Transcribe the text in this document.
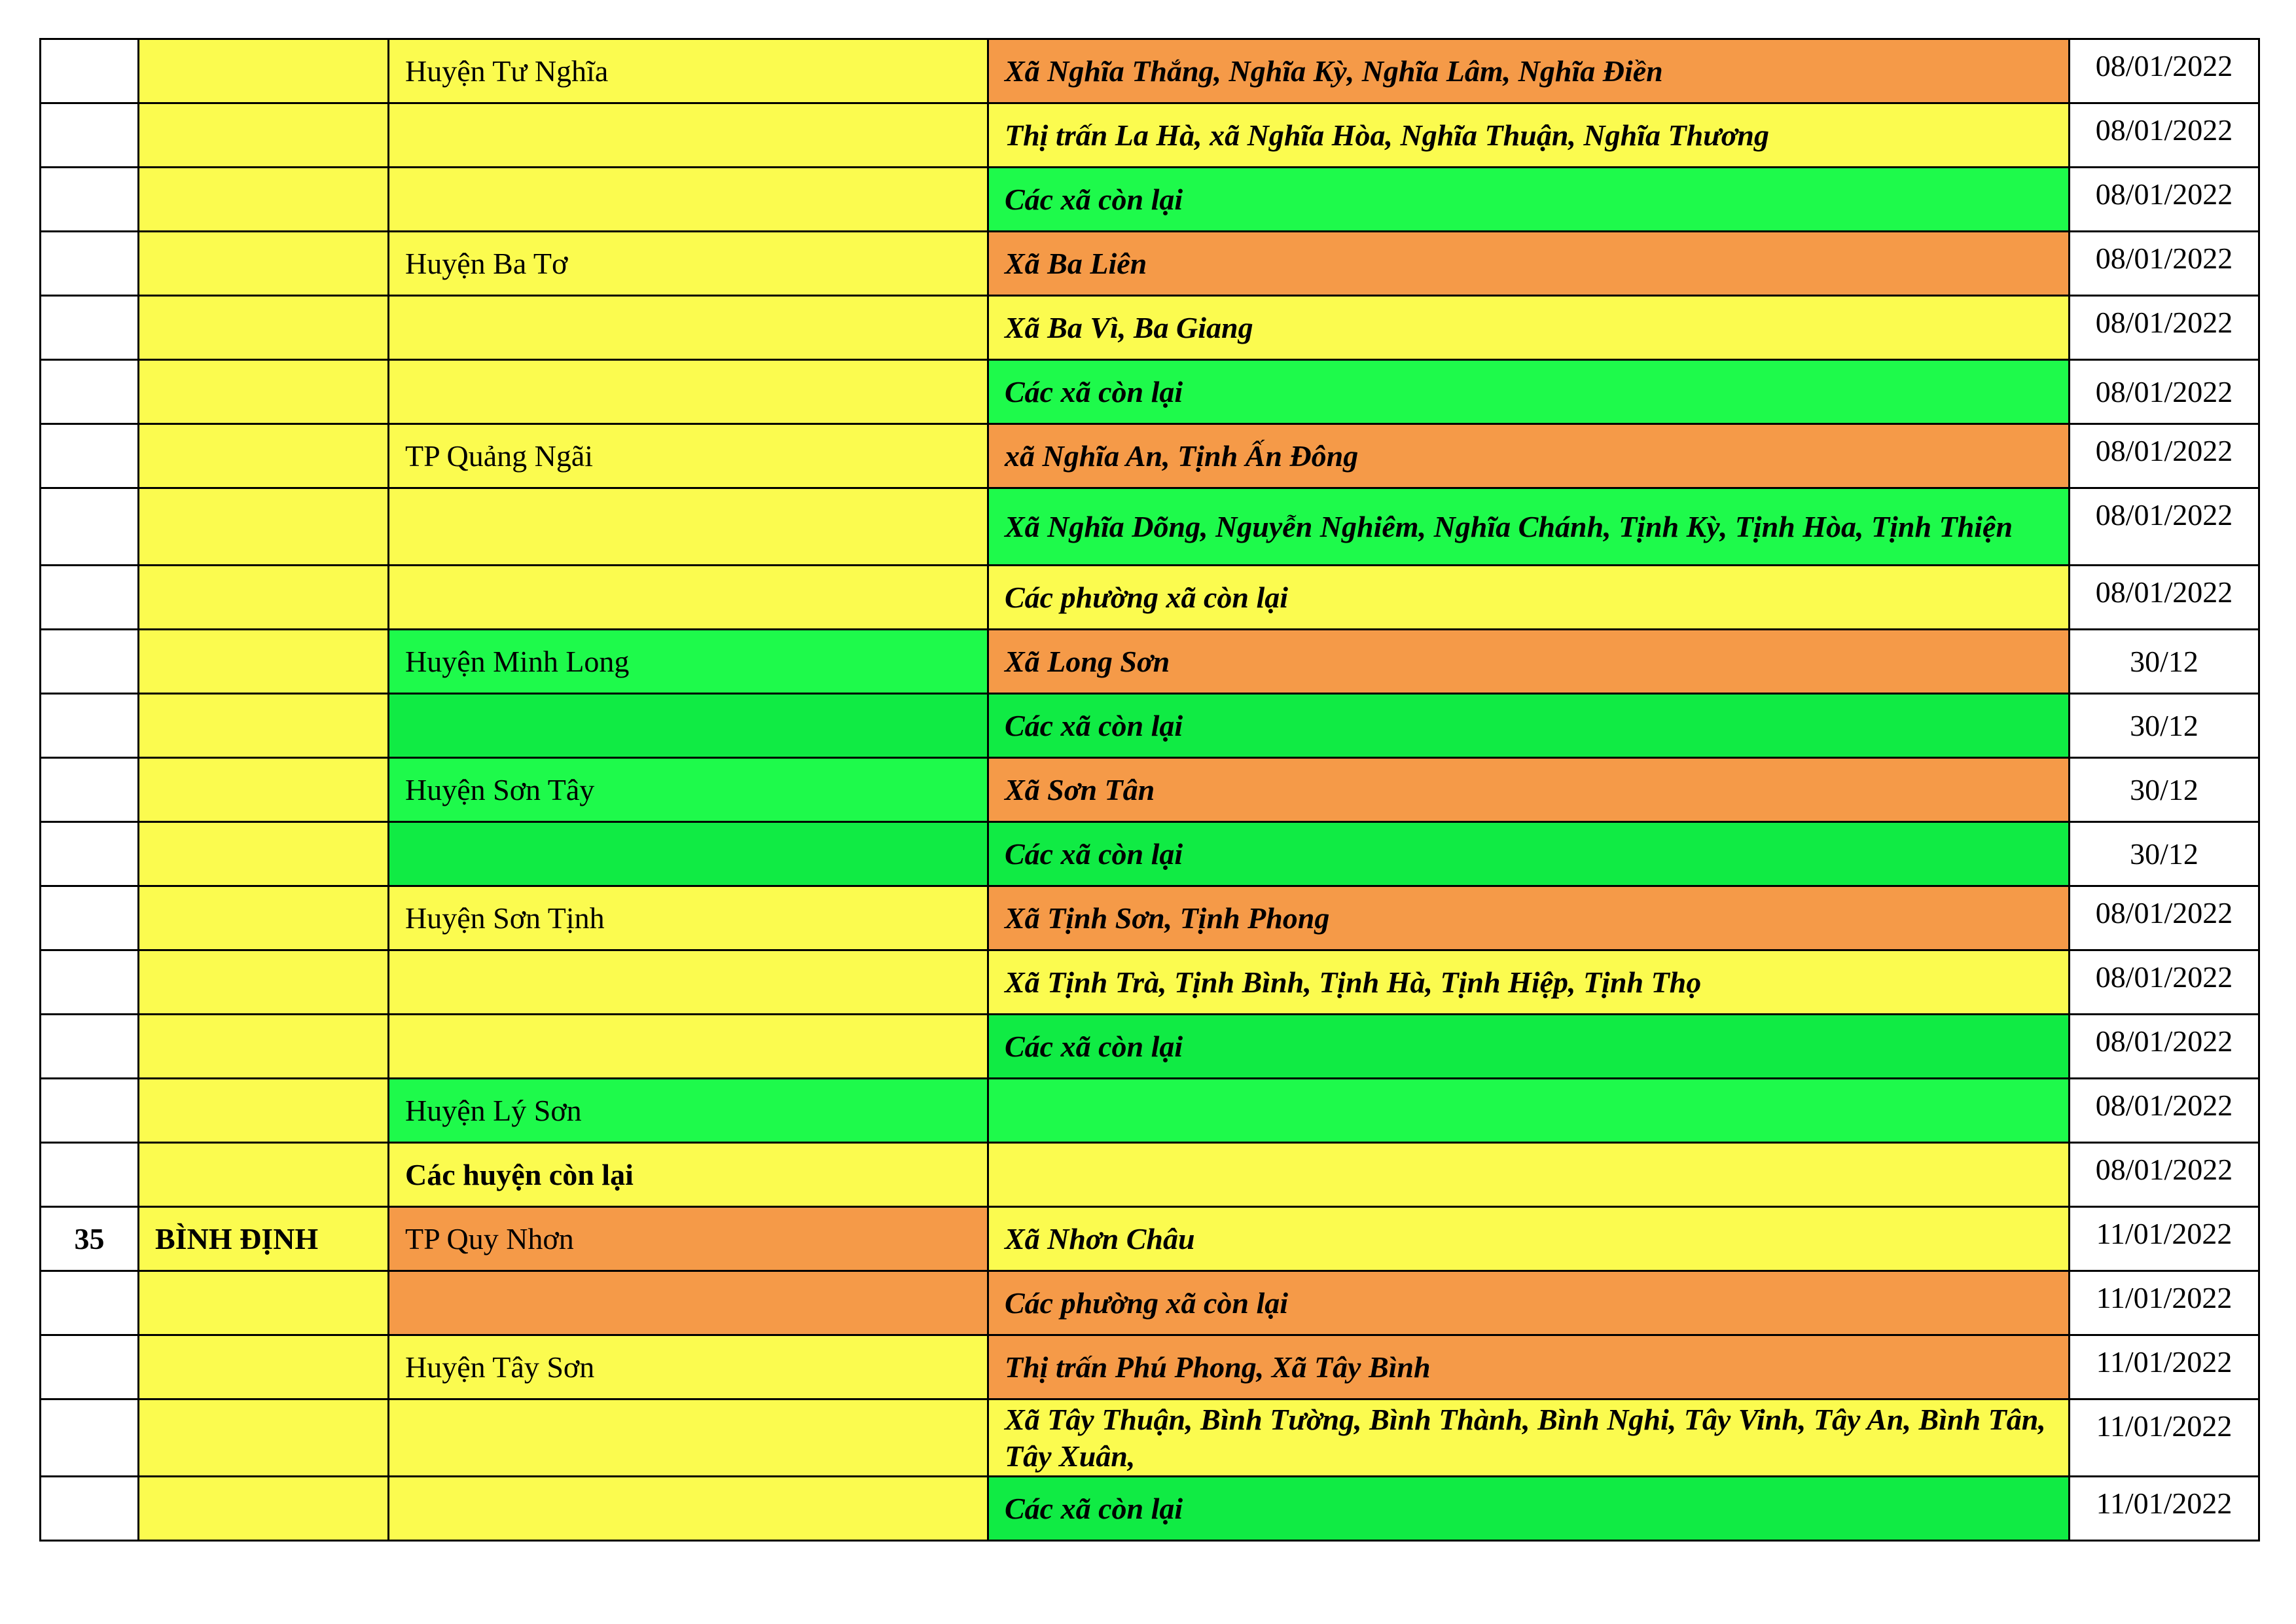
		Huyện Tư Nghĩa	Xã Nghĩa Thắng, Nghĩa Kỳ, Nghĩa Lâm, Nghĩa Điền	08/01/2022
			Thị trấn La Hà, xã Nghĩa Hòa, Nghĩa Thuận, Nghĩa Thương	08/01/2022
			Các xã còn lại	08/01/2022
		Huyện Ba Tơ	Xã Ba Liên	08/01/2022
			Xã Ba Vì, Ba Giang	08/01/2022
			Các xã còn lại	08/01/2022
		TP Quảng Ngãi	xã Nghĩa An, Tịnh Ấn Đông	08/01/2022
			Xã Nghĩa Dõng, Nguyễn Nghiêm, Nghĩa Chánh, Tịnh Kỳ, Tịnh Hòa, Tịnh Thiện	08/01/2022
			Các phường xã còn lại	08/01/2022
		Huyện Minh Long	Xã Long Sơn	30/12
			Các xã còn lại	30/12
		Huyện Sơn Tây	Xã Sơn Tân	30/12
			Các xã còn lại	30/12
		Huyện Sơn Tịnh	Xã Tịnh Sơn, Tịnh Phong	08/01/2022
			Xã Tịnh Trà, Tịnh Bình, Tịnh Hà, Tịnh Hiệp, Tịnh Thọ	08/01/2022
			Các xã còn lại	08/01/2022
		Huyện Lý Sơn		08/01/2022
		Các huyện còn lại		08/01/2022
35	BÌNH ĐỊNH	TP Quy Nhơn	Xã Nhơn Châu	11/01/2022
			Các phường xã còn lại	11/01/2022
		Huyện Tây Sơn	Thị trấn Phú Phong, Xã Tây Bình	11/01/2022
			Xã Tây Thuận, Bình Tường, Bình Thành, Bình Nghi, Tây Vinh, Tây An, Bình Tân, Tây Xuân,	11/01/2022
			Các xã còn lại	11/01/2022
